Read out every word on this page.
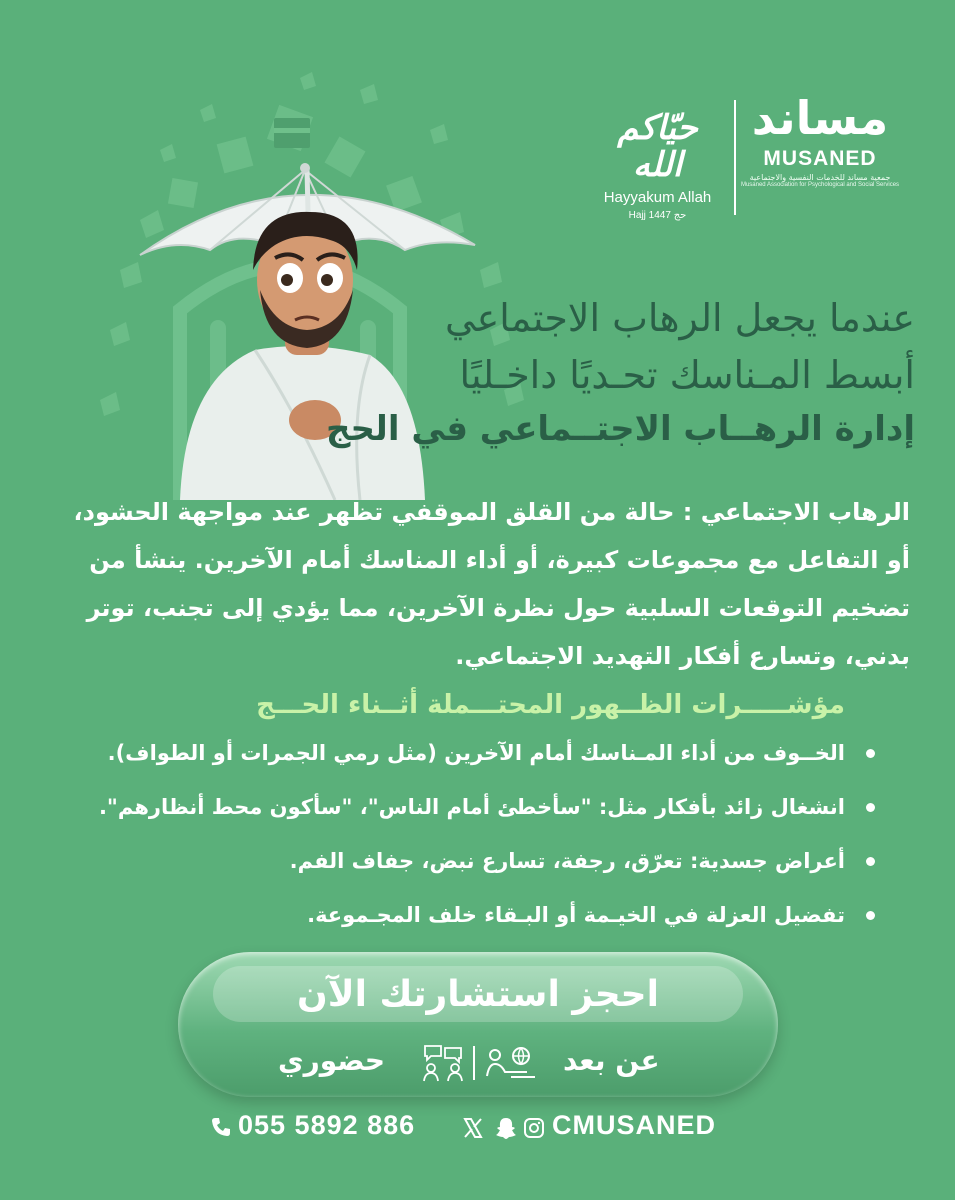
مساند
MUSANED
جمعية مساند للخدمات النفسية والاجتماعية
Musaned Association for Psychological and Social Services
حيّاكم الله
Hayyakum Allah
Hajj 1447 حج
عندما يجعل الرهاب الاجتماعي
أبسط المـناسك تحـديًا داخـليًا
إدارة الرهــاب الاجتــماعي في الحج

الرهاب الاجتماعي : حالة من القلق الموقفي تظهر عند مواجهة الحشود، أو التفاعل مع مجموعات كبيرة، أو أداء المناسك أمام الآخرين. ينشأ من تضخيم التوقعات السلبية حول نظرة الآخرين، مما يؤدي إلى تجنب، توتر بدني، وتسارع أفكار التهديد الاجتماعي.

مؤشـــــرات الظــهور المحتـــملة أثــناء الحـــج
الخــوف من أداء المـناسك أمام الآخرين (مثل رمي الجمرات أو الطواف).
انشغال زائد بأفكار مثل: "سأخطئ أمام الناس"، "سأكون محط أنظارهم".
أعراض جسدية: تعرّق، رجفة، تسارع نبض، جفاف الفم.
تفضيل العزلة في الخيـمة أو البـقاء خلف المجـموعة.
احجز استشارتك الآن
عن بعد
حضوري
055 5892 886	CMUSANED
